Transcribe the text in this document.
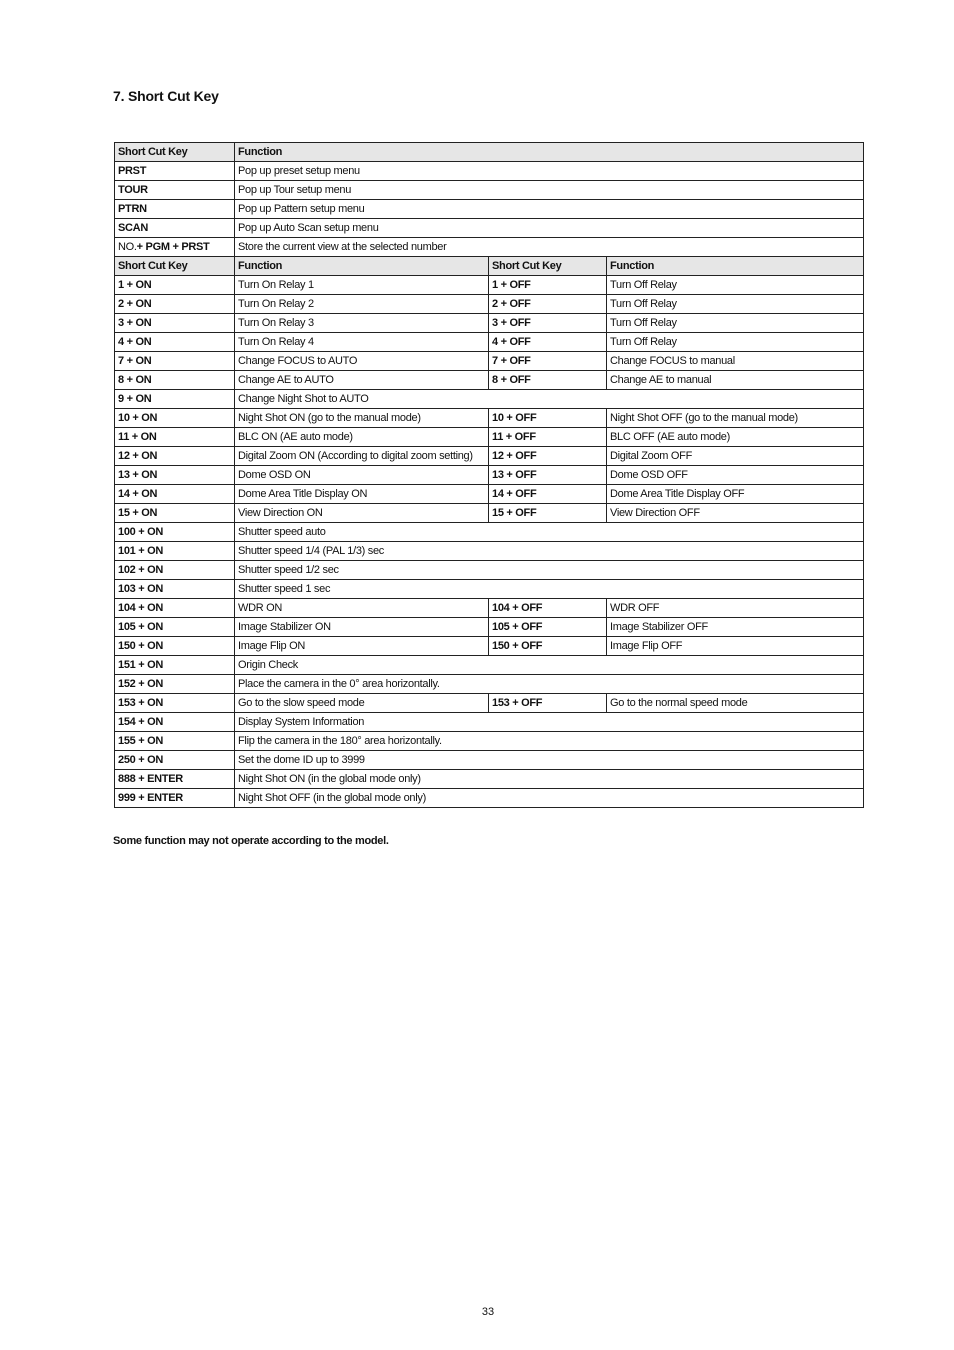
7. Short Cut Key
Short Cut Key	Function		
PRST	Pop up preset setup menu		
TOUR	Pop up Tour setup menu		
PTRN	Pop up Pattern setup menu		
SCAN	Pop up Auto Scan setup menu		
NO.+ PGM + PRST	Store the current view at the selected number		
Short Cut Key	Function	Short Cut Key	Function
1 + ON	Turn On Relay 1	1 + OFF	Turn Off Relay
2 + ON	Turn On Relay 2	2 + OFF	Turn Off Relay
3 + ON	Turn On Relay 3	3 + OFF	Turn Off Relay
4 + ON	Turn On Relay 4	4 + OFF	Turn Off Relay
7 + ON	Change FOCUS to AUTO	7 + OFF	Change FOCUS to manual
8 + ON	Change AE to AUTO	8 + OFF	Change AE to manual
9 + ON	Change Night Shot to AUTO		
10 + ON	Night Shot ON (go to the manual mode)	10 + OFF	Night Shot OFF (go to the manual mode)
11 + ON	BLC ON (AE auto mode)	11 + OFF	BLC OFF (AE auto mode)
12 + ON	Digital Zoom ON (According to digital zoom setting)	12 + OFF	Digital Zoom OFF
13 + ON	Dome OSD ON	13 + OFF	Dome OSD OFF
14 + ON	Dome Area Title Display ON	14 + OFF	Dome Area Title Display OFF
15 + ON	View Direction ON	15 + OFF	View Direction OFF
100 + ON	Shutter speed auto		
101 + ON	Shutter speed 1/4 (PAL 1/3) sec		
102 + ON	Shutter speed 1/2 sec		
103 + ON	Shutter speed 1 sec		
104 + ON	WDR ON	104 + OFF	WDR OFF
105 + ON	Image Stabilizer ON	105 + OFF	Image Stabilizer OFF
150 + ON	Image Flip ON	150 + OFF	Image Flip OFF
151 + ON	Origin Check		
152 + ON	Place the camera in the 0° area horizontally.		
153 + ON	Go to the slow speed mode	153 + OFF	Go to the normal speed mode
154 + ON	Display System Information		
155 + ON	Flip the camera in the 180° area horizontally.		
250 + ON	Set the dome ID up to 3999		
888 + ENTER	Night Shot ON (in the global mode only)		
999 + ENTER	Night Shot OFF (in the global mode only)		
Some function may not operate according to the model.
33
